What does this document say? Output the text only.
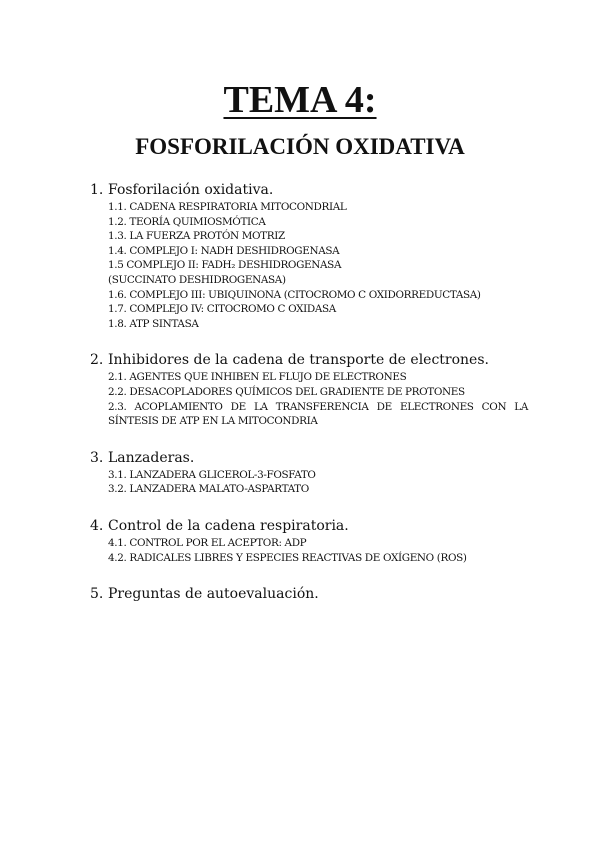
TEMA 4:
FOSFORILACIÓN OXIDATIVA
1. Fosforilación oxidativa.
1.1. CADENA RESPIRATORIA MITOCONDRIAL
1.2. TEORÍA QUIMIOSMÓTICA
1.3. LA FUERZA PROTÓN MOTRIZ
1.4. COMPLEJO I: NADH DESHIDROGENASA
1.5 COMPLEJO II: FADH₂ DESHIDROGENASA (SUCCINATO DESHIDROGENASA)
1.6. COMPLEJO III: UBIQUINONA (CITOCROMO C OXIDORREDUCTASA)
1.7. COMPLEJO IV: CITOCROMO C OXIDASA
1.8. ATP SINTASA
2. Inhibidores de la cadena de transporte de electrones.
2.1. AGENTES QUE INHIBEN EL FLUJO DE ELECTRONES
2.2. DESACOPLADORES QUÍMICOS DEL GRADIENTE DE PROTONES
2.3. ACOPLAMIENTO DE LA TRANSFERENCIA DE ELECTRONES CON LA SÍNTESIS DE ATP EN LA MITOCONDRIA
3. Lanzaderas.
3.1. LANZADERA GLICEROL-3-FOSFATO
3.2. LANZADERA MALATO-ASPARTATO
4. Control de la cadena respiratoria.
4.1. CONTROL POR EL ACEPTOR: ADP
4.2. RADICALES LIBRES Y ESPECIES REACTIVAS DE OXÍGENO (ROS)
5. Preguntas de autoevaluación.
